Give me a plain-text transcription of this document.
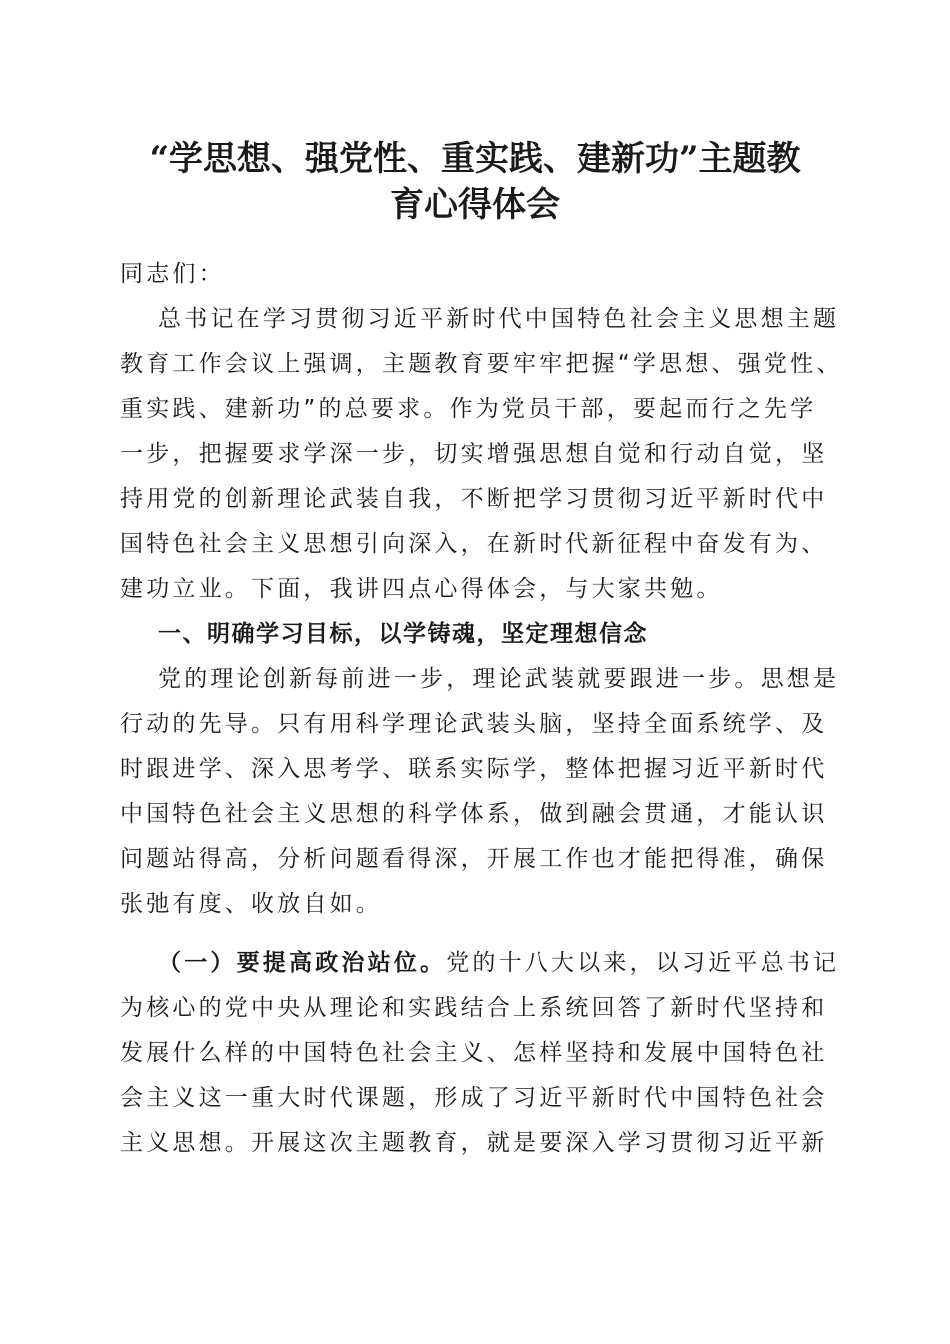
“学思想、强党性、重实践、建新功”主题教
育心得体会
同志们：
总书记在学习贯彻习近平新时代中国特色社会主义思想主题
教育工作会议上强调，主题教育要牢牢把握“学思想、强党性、
重实践、建新功”的总要求。作为党员干部，要起而行之先学
一步，把握要求学深一步，切实增强思想自觉和行动自觉，坚
持用党的创新理论武装自我，不断把学习贯彻习近平新时代中
国特色社会主义思想引向深入，在新时代新征程中奋发有为、
建功立业。下面，我讲四点心得体会，与大家共勉。
一、明确学习目标，以学铸魂，坚定理想信念
党的理论创新每前进一步，理论武装就要跟进一步。思想是
行动的先导。只有用科学理论武装头脑，坚持全面系统学、及
时跟进学、深入思考学、联系实际学，整体把握习近平新时代
中国特色社会主义思想的科学体系，做到融会贯通，才能认识
问题站得高，分析问题看得深，开展工作也才能把得准，确保
张弛有度、收放自如。
（一）要提高政治站位。党的十八大以来，以习近平总书记
为核心的党中央从理论和实践结合上系统回答了新时代坚持和
发展什么样的中国特色社会主义、怎样坚持和发展中国特色社
会主义这一重大时代课题，形成了习近平新时代中国特色社会
主义思想。开展这次主题教育，就是要深入学习贯彻习近平新
